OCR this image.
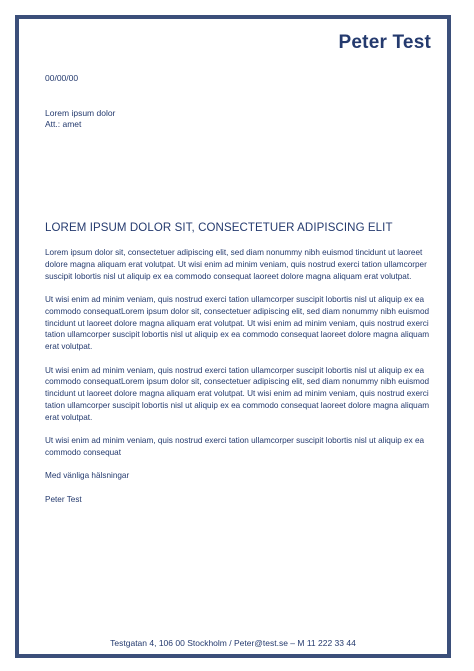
Peter Test
00/00/00
Lorem ipsum dolor
Att.: amet
LOREM IPSUM DOLOR SIT, CONSECTETUER ADIPISCING ELIT

Lorem ipsum dolor sit, consectetuer adipiscing elit, sed diam nonummy nibh euismod tincidunt ut laoreet dolore magna aliquam erat volutpat. Ut wisi enim ad minim veniam, quis nostrud exerci tation ullamcorper suscipit lobortis nisl ut aliquip ex ea commodo consequat laoreet dolore magna aliquam erat volutpat.

Ut wisi enim ad minim veniam, quis nostrud exerci tation ullamcorper suscipit lobortis nisl ut aliquip ex ea commodo consequatLorem ipsum dolor sit, consectetuer adipiscing elit, sed diam nonummy nibh euismod tincidunt ut laoreet dolore magna aliquam erat volutpat. Ut wisi enim ad minim veniam, quis nostrud exerci tation ullamcorper suscipit lobortis nisl ut aliquip ex ea commodo consequat laoreet dolore magna aliquam erat volutpat.

Ut wisi enim ad minim veniam, quis nostrud exerci tation ullamcorper suscipit lobortis nisl ut aliquip ex ea commodo consequatLorem ipsum dolor sit, consectetuer adipiscing elit, sed diam nonummy nibh euismod tincidunt ut laoreet dolore magna aliquam erat volutpat. Ut wisi enim ad minim veniam, quis nostrud exerci tation ullamcorper suscipit lobortis nisl ut aliquip ex ea commodo consequat laoreet dolore magna aliquam erat volutpat.

Ut wisi enim ad minim veniam, quis nostrud exerci tation ullamcorper suscipit lobortis nisl ut aliquip ex ea commodo consequat

Med vänliga hälsningar
Peter Test
Testgatan 4, 106 00 Stockholm / Peter@test.se – M 11 222 33 44
